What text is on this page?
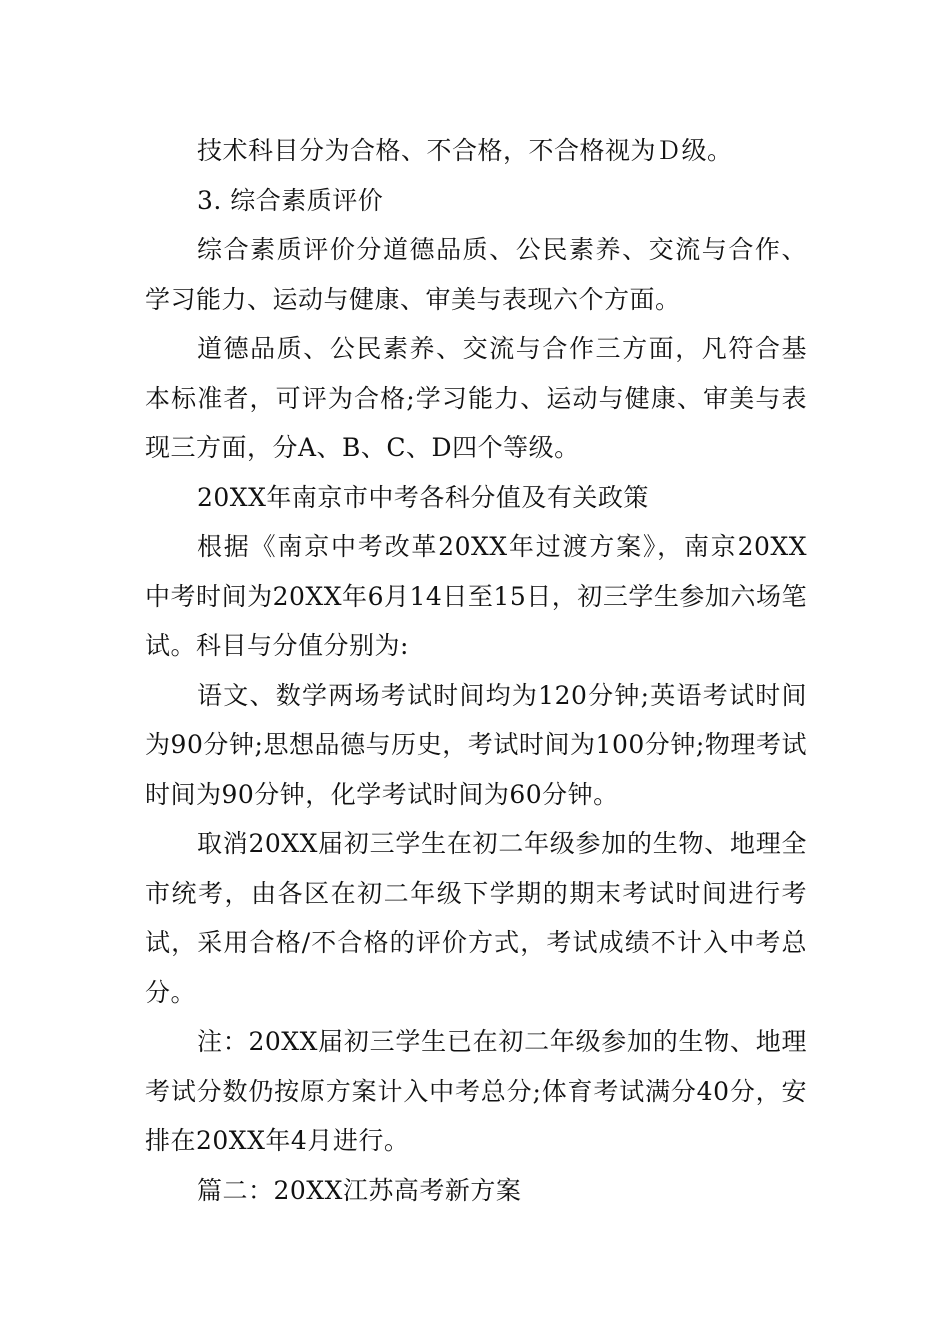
技术科目分为合格、不合格，不合格视为Ｄ级。

3. 综合素质评价

综合素质评价分道德品质、公民素养、交流与合作、学习能力、运动与健康、审美与表现六个方面。

道德品质、公民素养、交流与合作三方面，凡符合基本标准者，可评为合格;学习能力、运动与健康、审美与表现三方面，分A、B、C、D四个等级。

20XX年南京市中考各科分值及有关政策

根据《南京中考改革20XX年过渡方案》，南京20XX中考时间为20XX年6月14日至15日，初三学生参加六场笔试。科目与分值分别为:

语文、数学两场考试时间均为120分钟;英语考试时间为90分钟;思想品德与历史，考试时间为100分钟;物理考试时间为90分钟，化学考试时间为60分钟。

取消20XX届初三学生在初二年级参加的生物、地理全市统考，由各区在初二年级下学期的期末考试时间进行考试，采用合格/不合格的评价方式，考试成绩不计入中考总分。

注：20XX届初三学生已在初二年级参加的生物、地理考试分数仍按原方案计入中考总分;体育考试满分40分，安排在20XX年4月进行。

篇二：20XX江苏高考新方案
